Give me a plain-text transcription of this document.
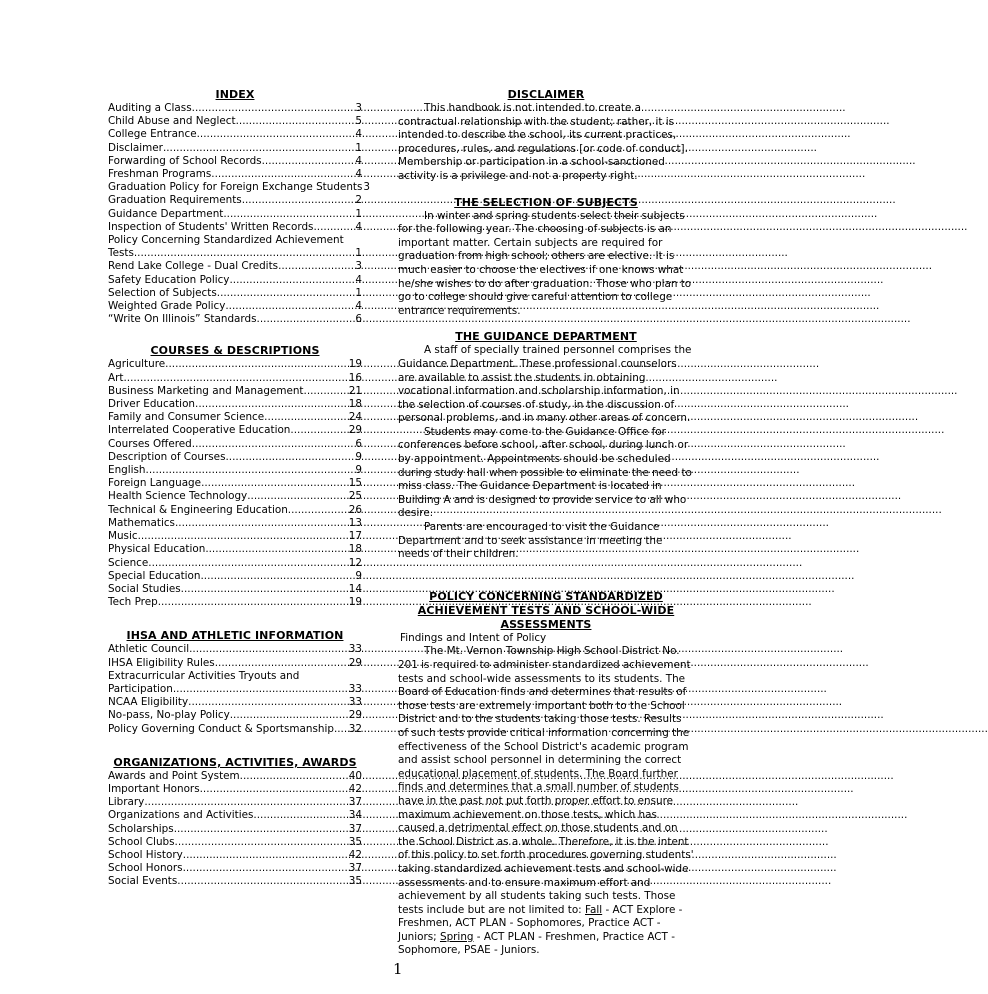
INDEX
Auditing a Class .....	3
Child Abuse and Neglect .....	5
College Entrance .....	4
Disclaimer .....	1
Forwarding of School Records .....	4
Freshman Programs .....	4
Graduation Policy for Foreign Exchange Students 3
Graduation Requirements .....	2
Guidance Department .....	1
Inspection of Students' Written Records .....	4
Policy Concerning Standardized Achievement
Tests .....	1
Rend Lake College - Dual Credits .....	3
Safety Education Policy .....	4
Selection of Subjects .....	1
Weighted Grade Policy .....	4
“Write On Illinois” Standards .....	6
COURSES & DESCRIPTIONS
Agriculture .....	19
Art .....	16
Business Marketing and Management .....	21
Driver Education .....	18
Family and Consumer Science .....	24
Interrelated Cooperative Education .....	29
Courses Offered .....	6
Description of Courses .....	9
English .....	9
Foreign Language .....	15
Health Science Technology .....	25
Technical & Engineering Education .....	26
Mathematics .....	13
Music .....	17
Physical Education .....	18
Science .....	12
Special Education .....	9
Social Studies .....	14
Tech Prep .....	19
IHSA AND ATHLETIC INFORMATION
Athletic Council .....	33
IHSA Eligibility Rules .....	29
Extracurricular Activities Tryouts and
Participation .....	33
NCAA Eligibility .....	33
No-pass, No-play Policy .....	29
Policy Governing Conduct & Sportsmanship ..... 32
ORGANIZATIONS, ACTIVITIES, AWARDS
Awards and Point System .....	40
Important Honors .....	42
Library .....	37
Organizations and Activities .....	34
Scholarships .....	37
School Clubs .....	35
School History .....	42
School Honors .....	37
Social Events .....	35
DISCLAIMER

This handbook is not intended to create a contractual relationship with the student; rather, it is intended to describe the school, its current practices, procedures, rules, and regulations [or code of conduct]. Membership or participation in a school-sanctioned activity is a privilege and not a property right.

THE SELECTION OF SUBJECTS

In winter and spring students select their subjects for the following year. The choosing of subjects is an important matter. Certain subjects are required for graduation from high school; others are elective. It is much easier to choose the electives if one knows what he/she wishes to do after graduation. Those who plan to go to college should give careful attention to college entrance requirements.

THE GUIDANCE DEPARTMENT

A staff of specially trained personnel comprises the Guidance Department. These professional counselors are available to assist the students in obtaining vocational information and scholarship information, in the selection of courses of study, in the discussion of personal problems, and in many other areas of concern.

Students may come to the Guidance Office for conferences before school, after school, during lunch or by appointment. Appointments should be scheduled during study hall when possible to eliminate the need to miss class. The Guidance Department is located in Building A and is designed to provide service to all who desire.

Parents are encouraged to visit the Guidance Department and to seek assistance in meeting the needs of their children.

POLICY CONCERNING STANDARDIZED
ACHIEVEMENT TESTS AND SCHOOL-WIDE
ASSESSMENTS
Findings and Intent of Policy

The Mt. Vernon Township High School District No. 201 is required to administer standardized achievement tests and school-wide assessments to its students. The Board of Education finds and determines that results of those tests are extremely important both to the School District and to the students taking those tests. Results of such tests provide critical information concerning the effectiveness of the School District's academic program and assist school personnel in determining the correct educational placement of students. The Board further finds and determines that a small number of students have in the past not put forth proper effort to ensure maximum achievement on those tests, which has caused a detrimental effect on those students and on the School District as a whole. Therefore, it is the intent of this policy to set forth procedures governing students' taking standardized achievement tests and school-wide assessments and to ensure maximum effort and achievement by all students taking such tests. Those tests include but are not limited to: Fall - ACT Explore - Freshmen, ACT PLAN - Sophomores, Practice ACT - Juniors; Spring - ACT PLAN - Freshmen, Practice ACT - Sophomore, PSAE - Juniors.

1
